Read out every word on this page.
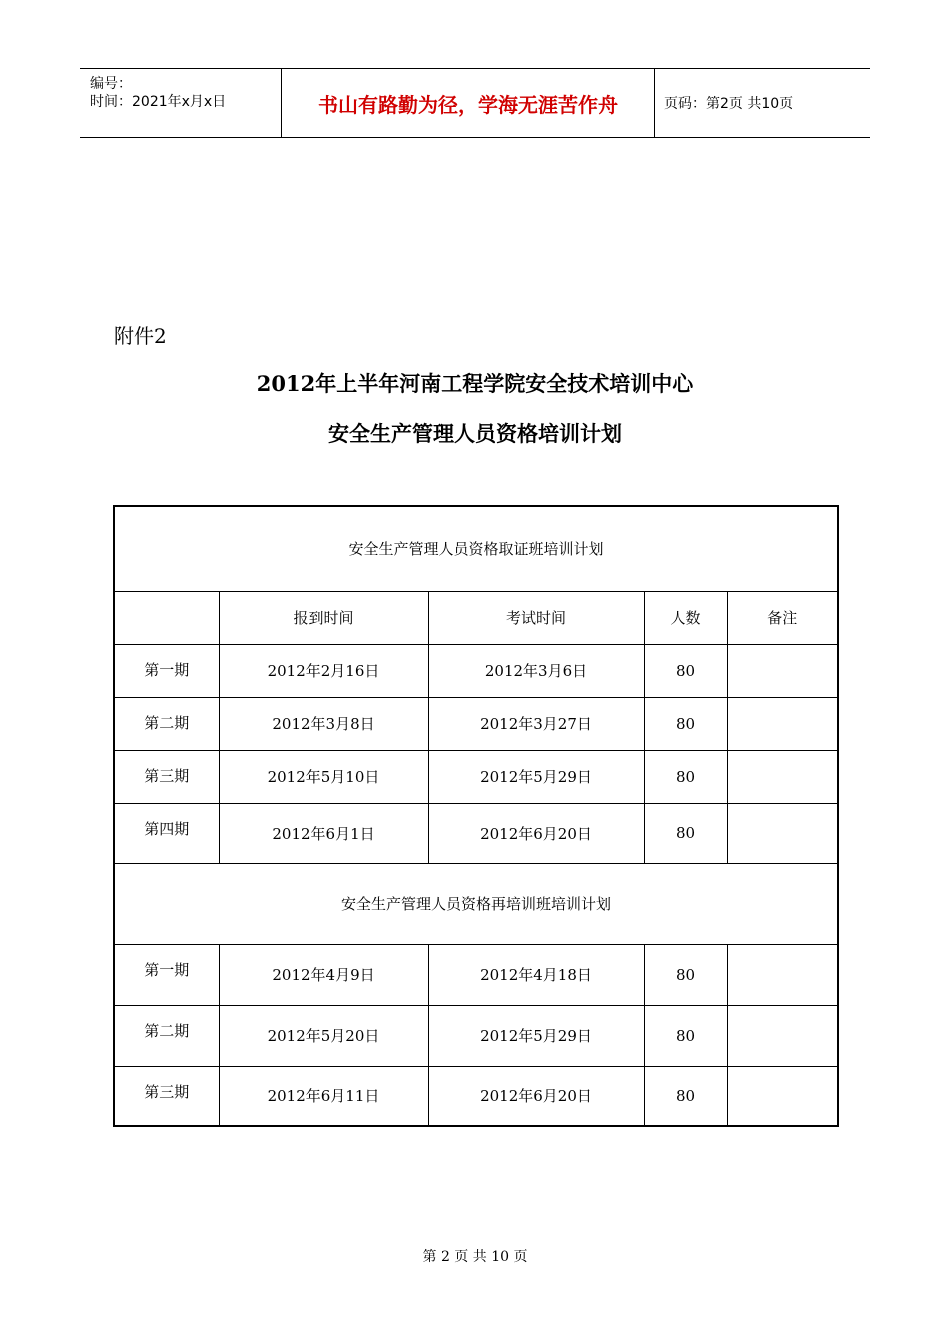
编号：
时间：2021年x月x日	书山有路勤为径，学海无涯苦作舟	页码：第2页 共10页
附件2
2012年上半年河南工程学院安全技术培训中心
安全生产管理人员资格培训计划
安全生产管理人员资格取证班培训计划				
	报到时间	考试时间	人数	备注
第一期	2012年2月16日	2012年3月6日	80	
第二期	2012年3月8日	2012年3月27日	80	
第三期	2012年5月10日	2012年5月29日	80	
第四期	2012年6月1日	2012年6月20日	80	
安全生产管理人员资格再培训班培训计划				
第一期	2012年4月9日	2012年4月18日	80	
第二期	2012年5月20日	2012年5月29日	80	
第三期	2012年6月11日	2012年6月20日	80	
第 2 页 共 10 页
